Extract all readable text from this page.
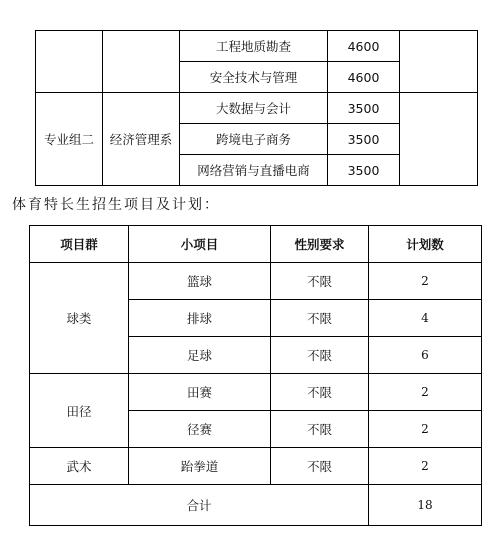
		工程地质勘查	4600	
		安全技术与管理	4600	
专业组二	经济管理系	大数据与会计	3500	
		跨境电子商务	3500	
		网络营销与直播电商	3500	
体育特长生招生项目及计划：
项目群	小项目	性别要求	计划数
球类	篮球	不限	2
	排球	不限	4
	足球	不限	6
田径	田赛	不限	2
	径赛	不限	2
武术	跆拳道	不限	2
合计			18
